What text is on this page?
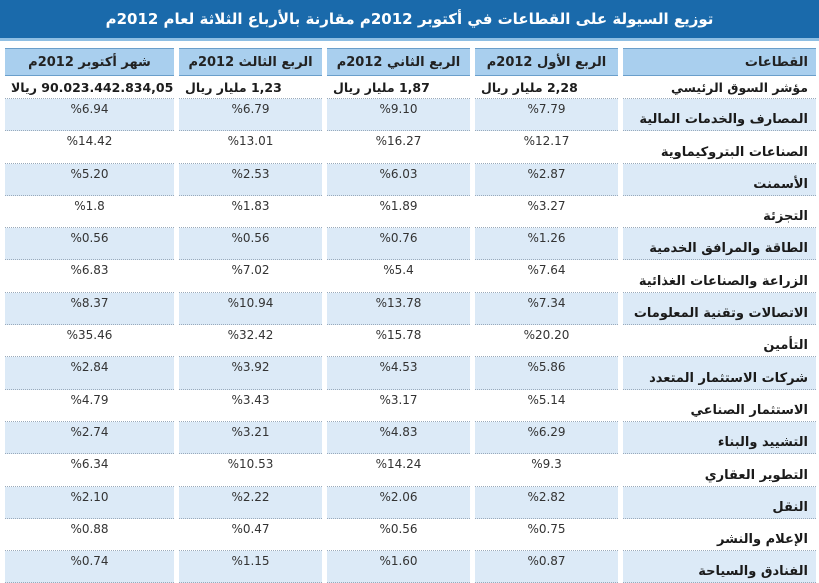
توزيع السيولة على القطاعات في أكتوبر 2012م مقارنة بالأرباع الثلاثة لعام 2012م
القطاعات	الربع الأول 2012م	الربع الثاني 2012م	الربع الثالث 2012م	شهر أكتوبر 2012م
مؤشر السوق الرئيسي	2,28 مليار ريال	1,87 مليار ريال	1,23 مليار ريال	90.023.442.834,05 ريالا
المصارف والخدمات المالية	%7.79	%9.10	%6.79	%6.94
الصناعات البتروكيماوية	%12.17	%16.27	%13.01	%14.42
الأسمنت	%2.87	%6.03	%2.53	%5.20
التجزئة	%3.27	%1.89	%1.83	%1.8
الطاقة والمرافق الخدمية	%1.26	%0.76	%0.56	%0.56
الزراعة والصناعات الغذائية	%7.64	%5.4	%7.02	%6.83
الاتصالات وتقنية المعلومات	%7.34	%13.78	%10.94	%8.37
التأمين	%20.20	%15.78	%32.42	%35.46
شركات الاستثمار المتعدد	%5.86	%4.53	%3.92	%2.84
الاستثمار الصناعي	%5.14	%3.17	%3.43	%4.79
التشييد والبناء	%6.29	%4.83	%3.21	%2.74
التطوير العقاري	%9.3	%14.24	%10.53	%6.34
النقل	%2.82	%2.06	%2.22	%2.10
الإعلام والنشر	%0.75	%0.56	%0.47	%0.88
الفنادق والسياحة	%0.87	%1.60	%1.15	%0.74
